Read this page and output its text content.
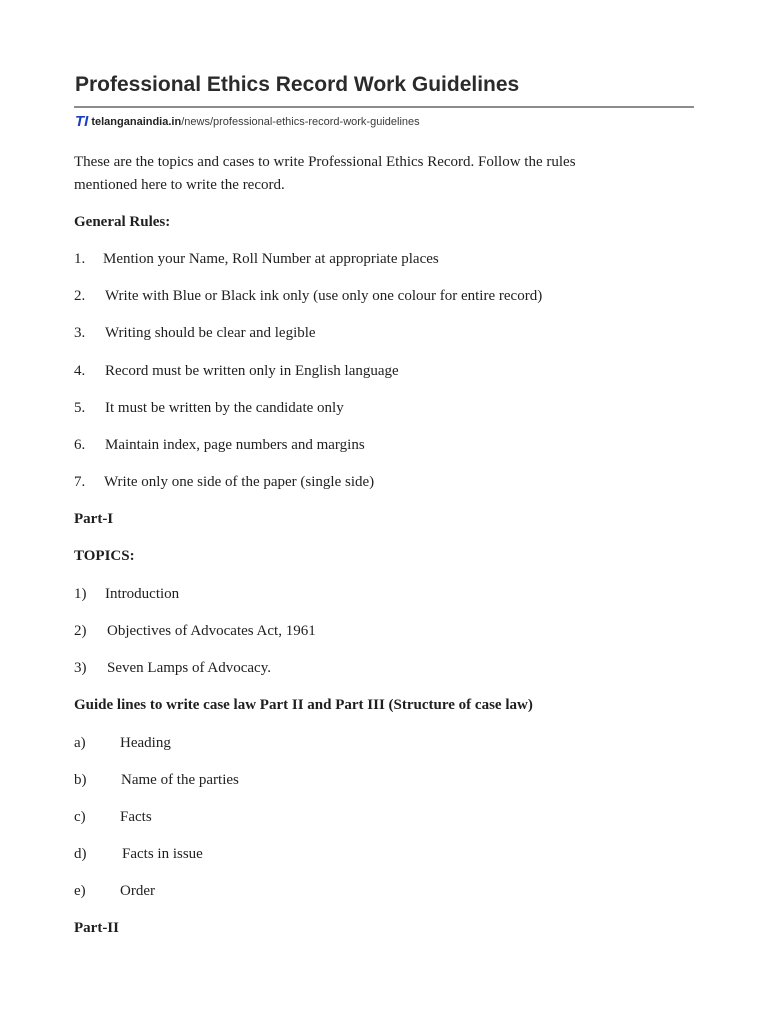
Professional Ethics Record Work Guidelines
TI telanganaindia.in/news/professional-ethics-record-work-guidelines
These are the topics and cases to write Professional Ethics Record. Follow the rules
mentioned here to write the record.
General Rules:
1. Mention your Name, Roll Number at appropriate places
2. Write with Blue or Black ink only (use only one colour for entire record)
3. Writing should be clear and legible
4. Record must be written only in English language
5. It must be written by the candidate only
6. Maintain index, page numbers and margins
7. Write only one side of the paper (single side)
Part-I
TOPICS:
1) Introduction
2) Objectives of Advocates Act, 1961
3) Seven Lamps of Advocacy.
Guide lines to write case law Part II and Part III (Structure of case law)
a) Heading
b) Name of the parties
c) Facts
d) Facts in issue
e) Order
Part-II
